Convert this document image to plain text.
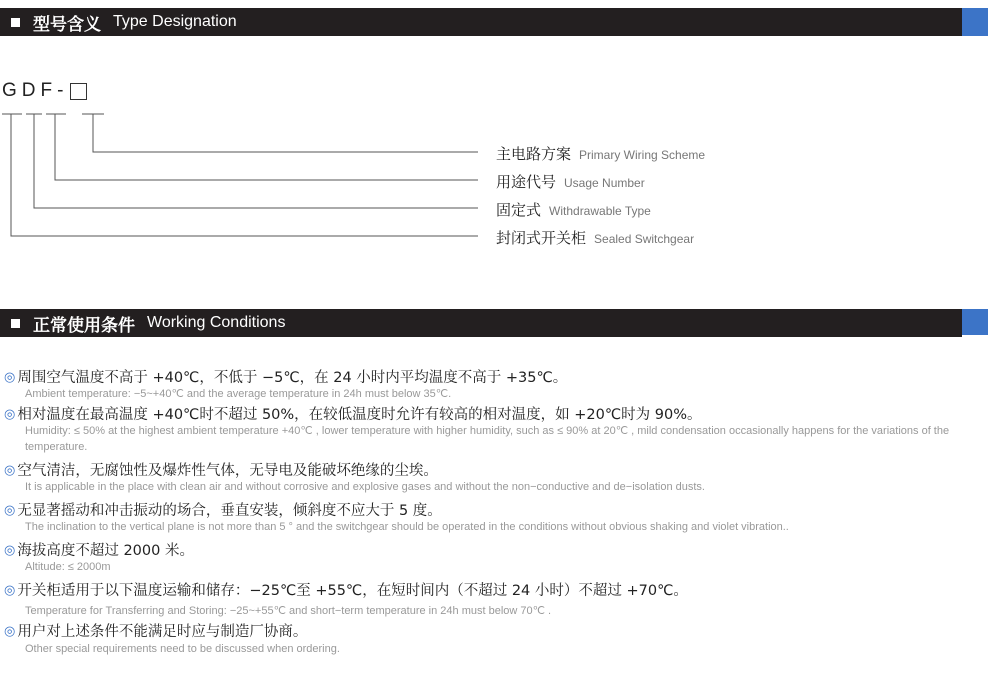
型号含义 Type Designation
GDF-
主电路方案 Primary Wiring Scheme
用途代号 Usage Number
固定式 Withdrawable Type
封闭式开关柜 Sealed Switchgear
正常使用条件 Working Conditions
◎ 周围空气温度不高于 +40℃，不低于 −5℃，在 24 小时内平均温度不高于 +35℃。
Ambient temperature: −5~+40℃ and the average temperature in 24h must below 35℃.
◎ 相对温度在最高温度 +40℃时不超过 50%，在较低温度时允许有较高的相对温度，如 +20℃时为 90%。
Humidity: ≤ 50% at the highest ambient temperature +40℃ , lower temperature with higher humidity, such as ≤ 90% at 20℃ , mild condensation occasionally happens for the variations of the temperature.
◎ 空气清洁，无腐蚀性及爆炸性气体，无导电及能破坏绝缘的尘埃。
It is applicable in the place with clean air and without corrosive and explosive gases and without the non−conductive and de−isolation dusts.
◎ 无显著摇动和冲击振动的场合，垂直安装，倾斜度不应大于 5 度。
The inclination to the vertical plane is not more than 5 ° and the switchgear should be operated in the conditions without obvious shaking and violet vibration..
◎ 海拔高度不超过 2000 米。
Altitude: ≤ 2000m
◎ 开关柜适用于以下温度运输和储存：−25℃至 +55℃，在短时间内（不超过 24 小时）不超过 +70℃。
Temperature for Transferring and Storing: −25~+55℃ and short−term temperature in 24h must below 70℃ .
◎ 用户对上述条件不能满足时应与制造厂协商。
Other special requirements need to be discussed when ordering.
